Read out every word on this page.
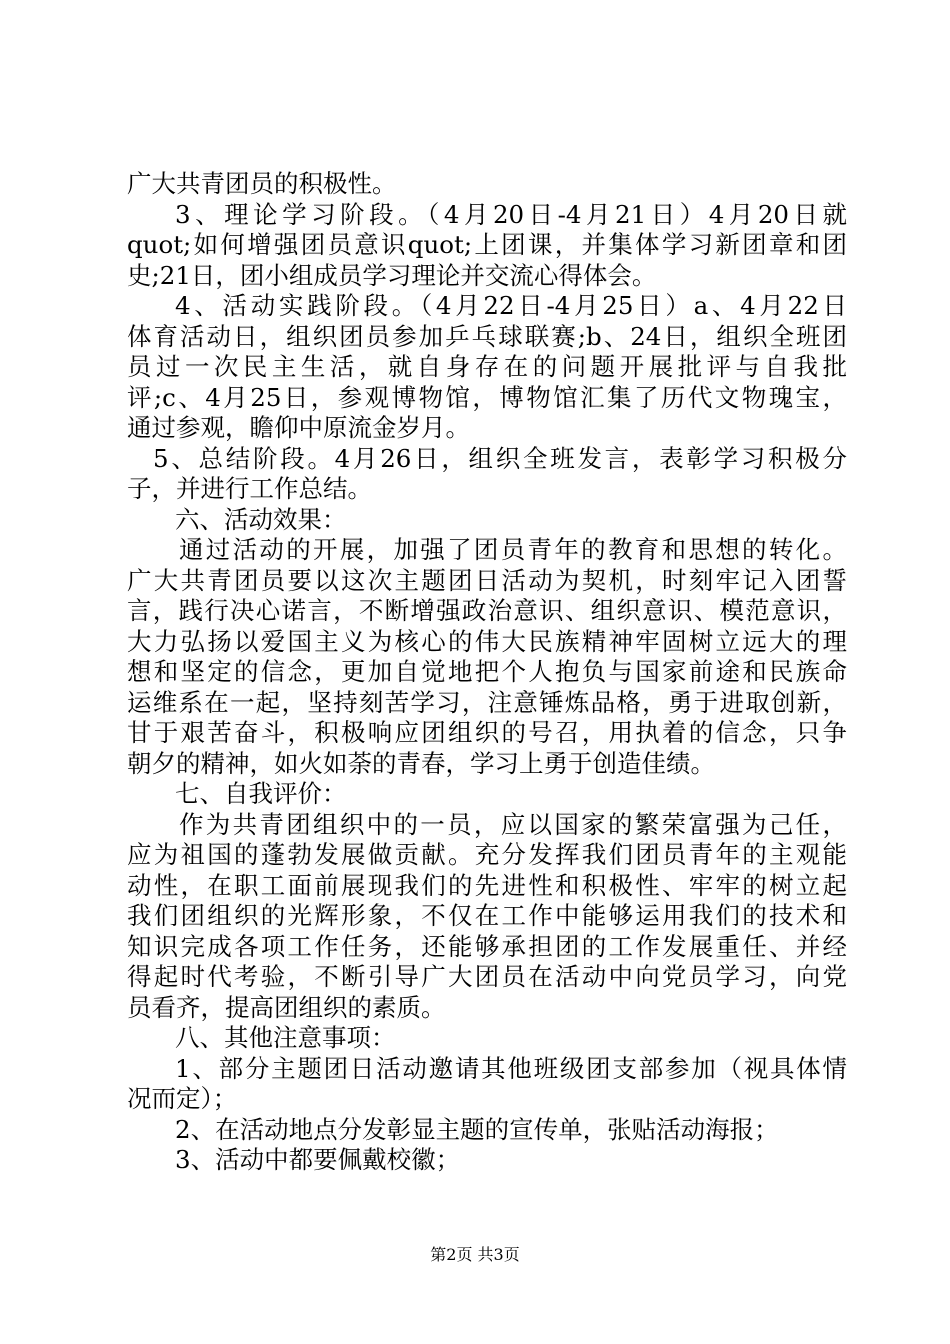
广大共青团员的积极性。
3、理论学习阶段。（4月20日-4月21日）4月20日就
quot;如何增强团员意识quot;上团课，并集体学习新团章和团
史;21日，团小组成员学习理论并交流心得体会。
4、活动实践阶段。（4月22日-4月25日）a、4月22日
体育活动日，组织团员参加乒乓球联赛;b、24日，组织全班团
员过一次民主生活，就自身存在的问题开展批评与自我批
评;c、4月25日，参观博物馆，博物馆汇集了历代文物瑰宝，
通过参观，瞻仰中原流金岁月。
5、总结阶段。4月26日，组织全班发言，表彰学习积极分
子，并进行工作总结。
六、活动效果：
通过活动的开展，加强了团员青年的教育和思想的转化。
广大共青团员要以这次主题团日活动为契机，时刻牢记入团誓
言，践行决心诺言，不断增强政治意识、组织意识、模范意识，
大力弘扬以爱国主义为核心的伟大民族精神牢固树立远大的理
想和坚定的信念，更加自觉地把个人抱负与国家前途和民族命
运维系在一起，坚持刻苦学习，注意锤炼品格，勇于进取创新，
甘于艰苦奋斗，积极响应团组织的号召，用执着的信念，只争
朝夕的精神，如火如荼的青春，学习上勇于创造佳绩。
七、自我评价：
作为共青团组织中的一员，应以国家的繁荣富强为己任，
应为祖国的蓬勃发展做贡献。充分发挥我们团员青年的主观能
动性，在职工面前展现我们的先进性和积极性、牢牢的树立起
我们团组织的光辉形象，不仅在工作中能够运用我们的技术和
知识完成各项工作任务，还能够承担团的工作发展重任、并经
得起时代考验，不断引导广大团员在活动中向党员学习，向党
员看齐，提高团组织的素质。
八、其他注意事项：
1、部分主题团日活动邀请其他班级团支部参加（视具体情
况而定）；
2、在活动地点分发彰显主题的宣传单，张贴活动海报；
3、活动中都要佩戴校徽；
第2页 共3页
